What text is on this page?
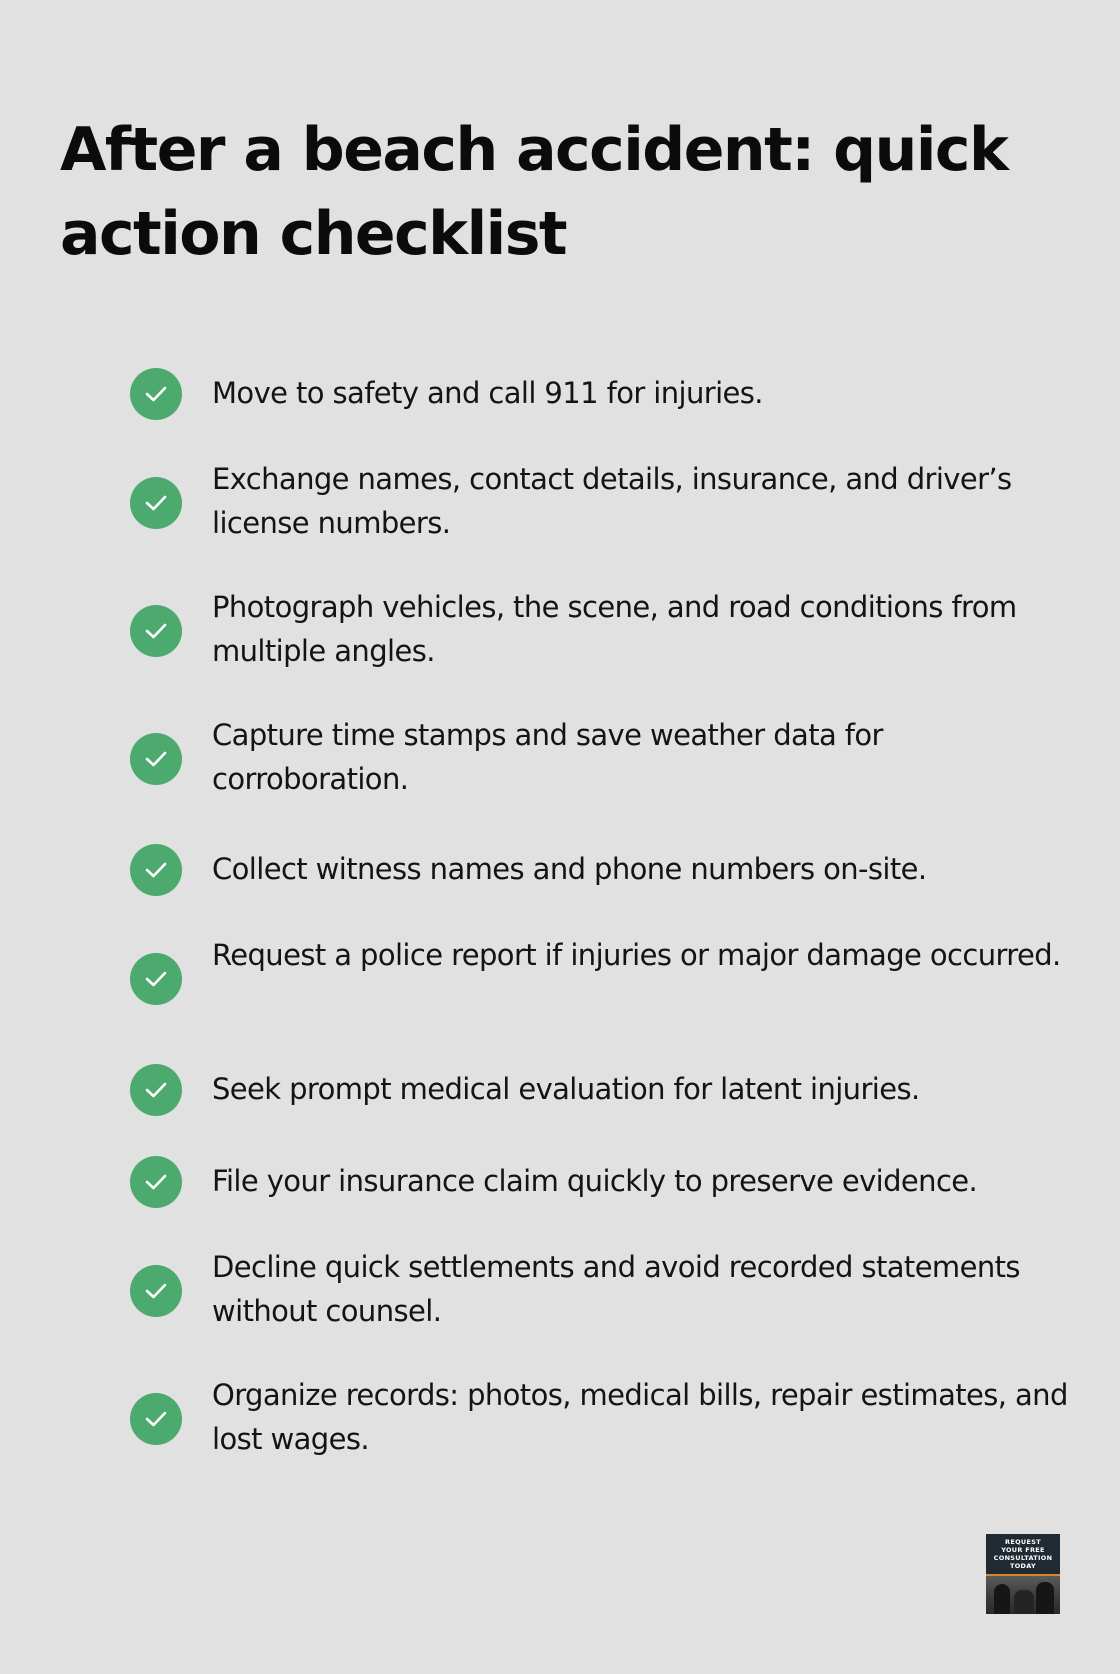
After a beach accident: quick action checklist
Move to safety and call 911 for injuries.
Exchange names, contact details, insurance, and driver’s license numbers.
Photograph vehicles, the scene, and road conditions from multiple angles.
Capture time stamps and save weather data for corroboration.
Collect witness names and phone numbers on-site.
Request a police report if injuries or major damage occurred.
Seek prompt medical evaluation for latent injuries.
File your insurance claim quickly to preserve evidence.
Decline quick settlements and avoid recorded statements without counsel.
Organize records: photos, medical bills, repair estimates, and lost wages.
REQUEST
YOUR FREE
CONSULTATION
TODAY
